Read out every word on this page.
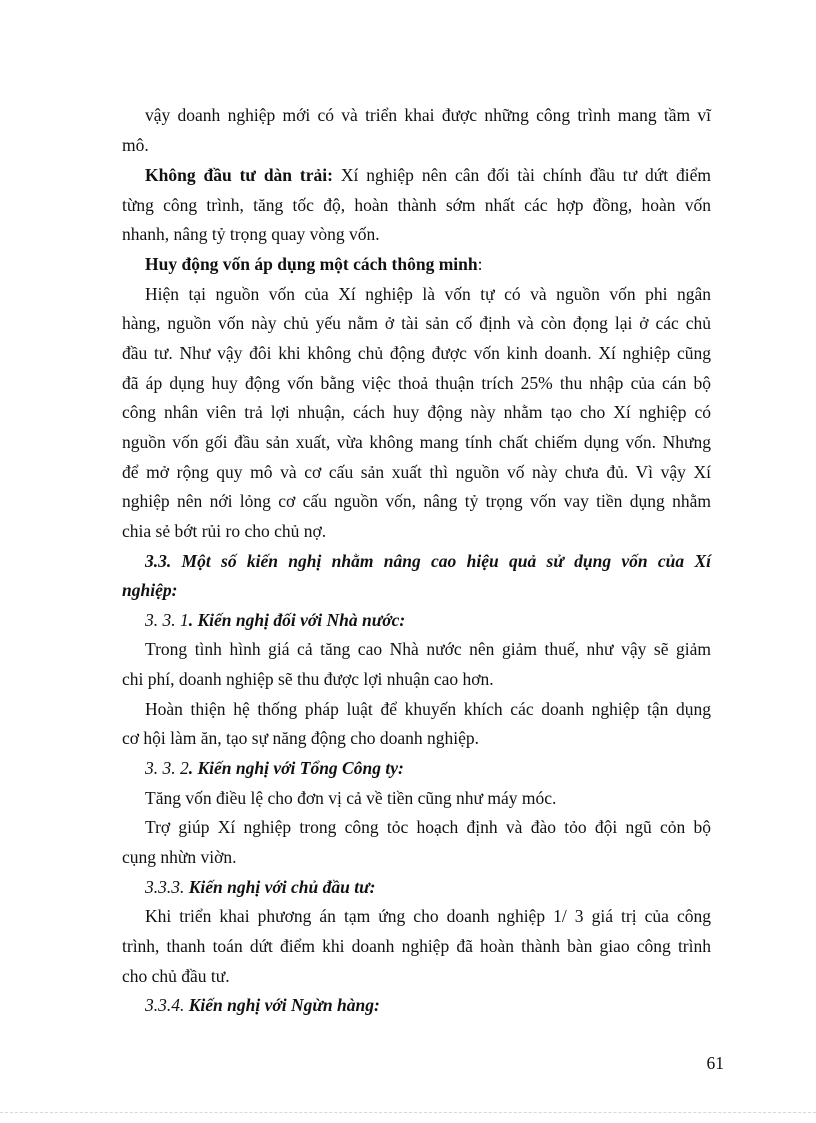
vậy doanh nghiệp mới có và triển khai được những công trình mang tầm vĩ
mô.
Không đầu tư dàn trải: Xí nghiệp nên cân đối tài chính đầu tư dứt điểm
từng công trình, tăng tốc độ, hoàn thành sớm nhất các hợp đồng, hoàn vốn
nhanh, nâng tỷ trọng quay vòng vốn.
Huy động vốn áp dụng một cách thông minh:
Hiện tại nguồn vốn của Xí nghiệp là vốn tự có và nguồn vốn phi ngân
hàng, nguồn vốn này chủ yếu nằm ở tài sản cố định và còn đọng lại ở các chủ
đầu tư. Như vậy đôi khi không chủ động được vốn kinh doanh. Xí nghiệp cũng
đã áp dụng huy động vốn bằng việc thoả thuận trích 25% thu nhập của cán bộ
công nhân viên trả lợi nhuận, cách huy động này nhằm tạo cho Xí nghiệp có
nguồn vốn gối đầu sản xuất, vừa không mang tính chất chiếm dụng vốn. Nhưng
để mở rộng quy mô và cơ cấu sản xuất thì nguồn vố này chưa đủ. Vì vậy Xí
nghiệp nên nới lỏng cơ cấu nguồn vốn, nâng tỷ trọng vốn vay tiền dụng nhằm
chia sẻ bớt rủi ro cho chủ nợ.
3.3. Một số kiến nghị nhằm nâng cao hiệu quả sử dụng vốn của Xí
nghiệp:
3. 3. 1. Kiến nghị đối với Nhà nước:
Trong tình hình giá cả tăng cao Nhà nước nên giảm thuế, như vậy sẽ giảm
chi phí, doanh nghiệp sẽ thu được lợi nhuận cao hơn.
Hoàn thiện hệ thống pháp luật để khuyến khích các doanh nghiệp tận dụng
cơ hội làm ăn, tạo sự năng động cho doanh nghiệp.
3. 3. 2. Kiến nghị với Tổng Công ty:
Tăng vốn điều lệ cho đơn vị cả về tiền cũng như máy móc.
Trợ giúp Xí nghiệp trong công tỏc hoạch định và đào tỏo đội ngũ cỏn bộ
cụng nhừn viờn.
3.3.3. Kiến nghị với chủ đầu tư:
Khi triển khai phương án tạm ứng cho doanh nghiệp 1/ 3 giá trị của công
trình, thanh toán dứt điểm khi doanh nghiệp đã hoàn thành bàn giao công trình
cho chủ đầu tư.
3.3.4. Kiến nghị với Ngừn hàng:
61
